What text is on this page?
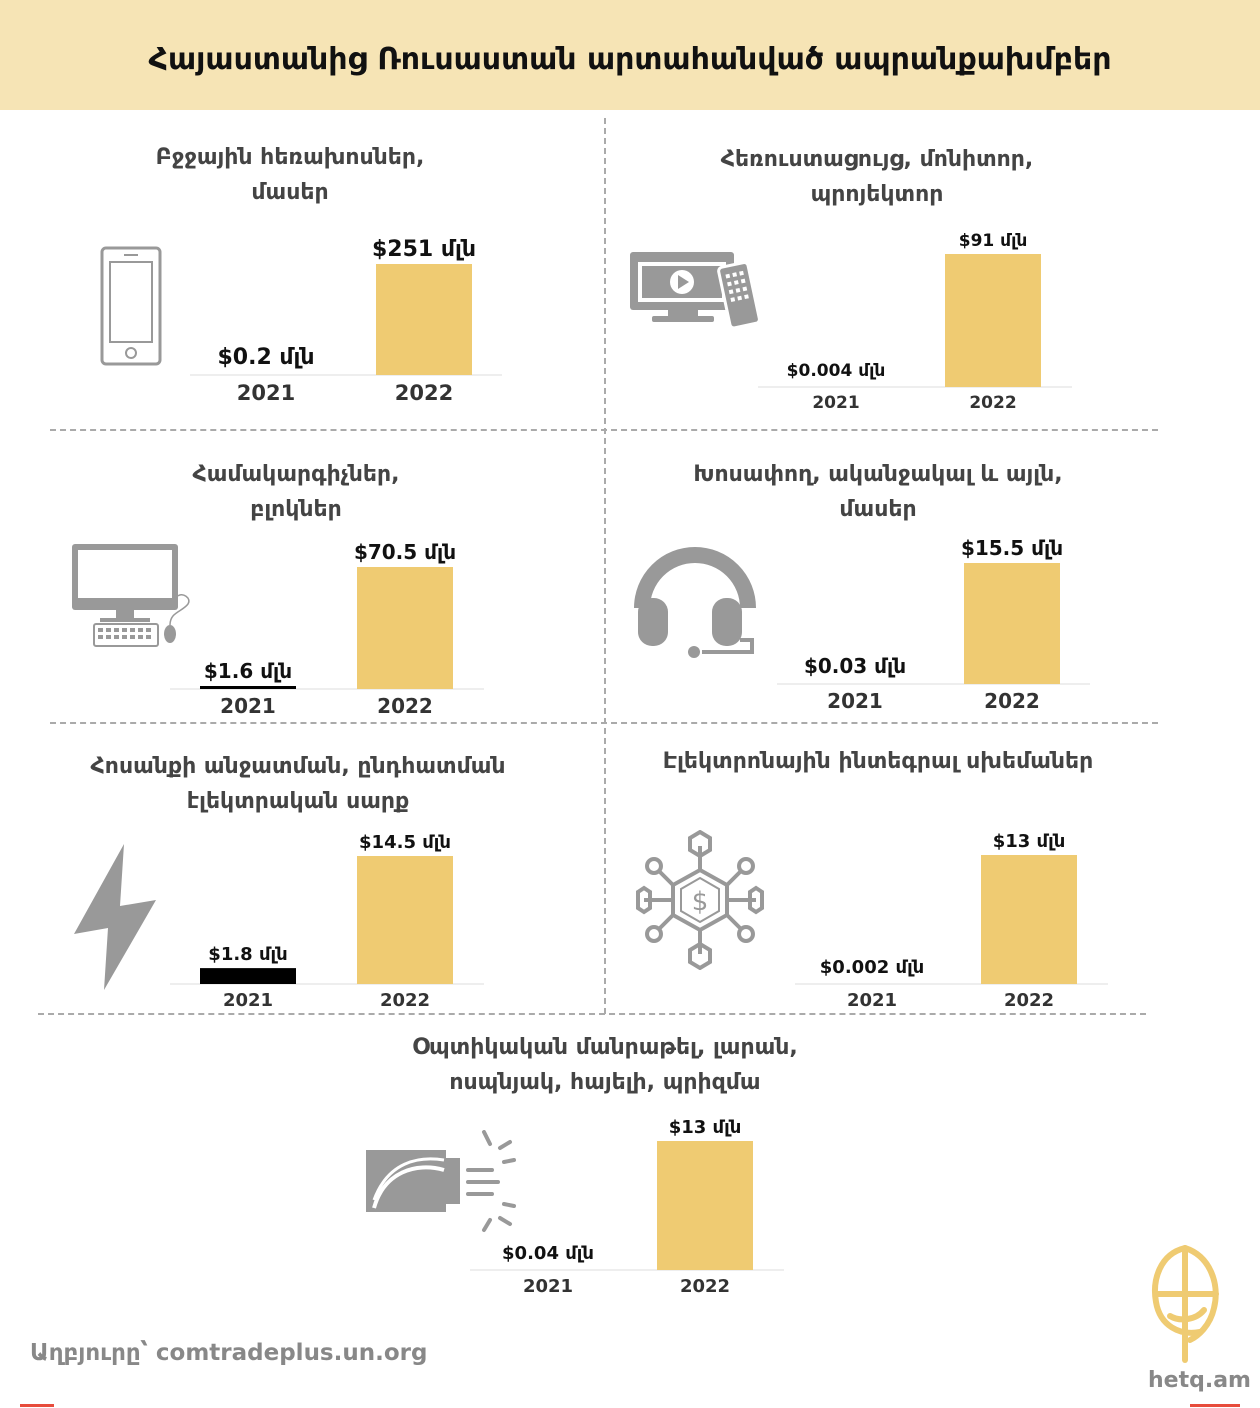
Հայաստանից Ռուսաստան արտահանված ապրանքախմբեր
Բջջային հեռախոսներ,
մասեր
Հեռուստացույց, մոնիտոր,
պրոյեկտոր
Համակարգիչներ,
բլոկներ
Խոսափող, ականջակալ և այլն,
մասեր
Հոսանքի անջատման, ընդհատման
էլեկտրական սարք
Էլեկտրոնային ինտեգրալ սխեմաներ
Օպտիկական մանրաթել, լարան,
ոսպնյակ, հայելի, պրիզմա
$
$0.2 մլն
2021
$251 մլն
2022
$0.004 մլն
2021
$91 մլն
2022
$1.6 մլն
2021
$70.5 մլն
2022
$0.03 մլն
2021
$15.5 մլն
2022
$1.8 մլն
2021
$14.5 մլն
2022
$0.002 մլն
2021
$13 մլն
2022
$0.04 մլն
2021
$13 մլն
2022
Աղբյուրը՝ comtradeplus.un.org
hetq.am
